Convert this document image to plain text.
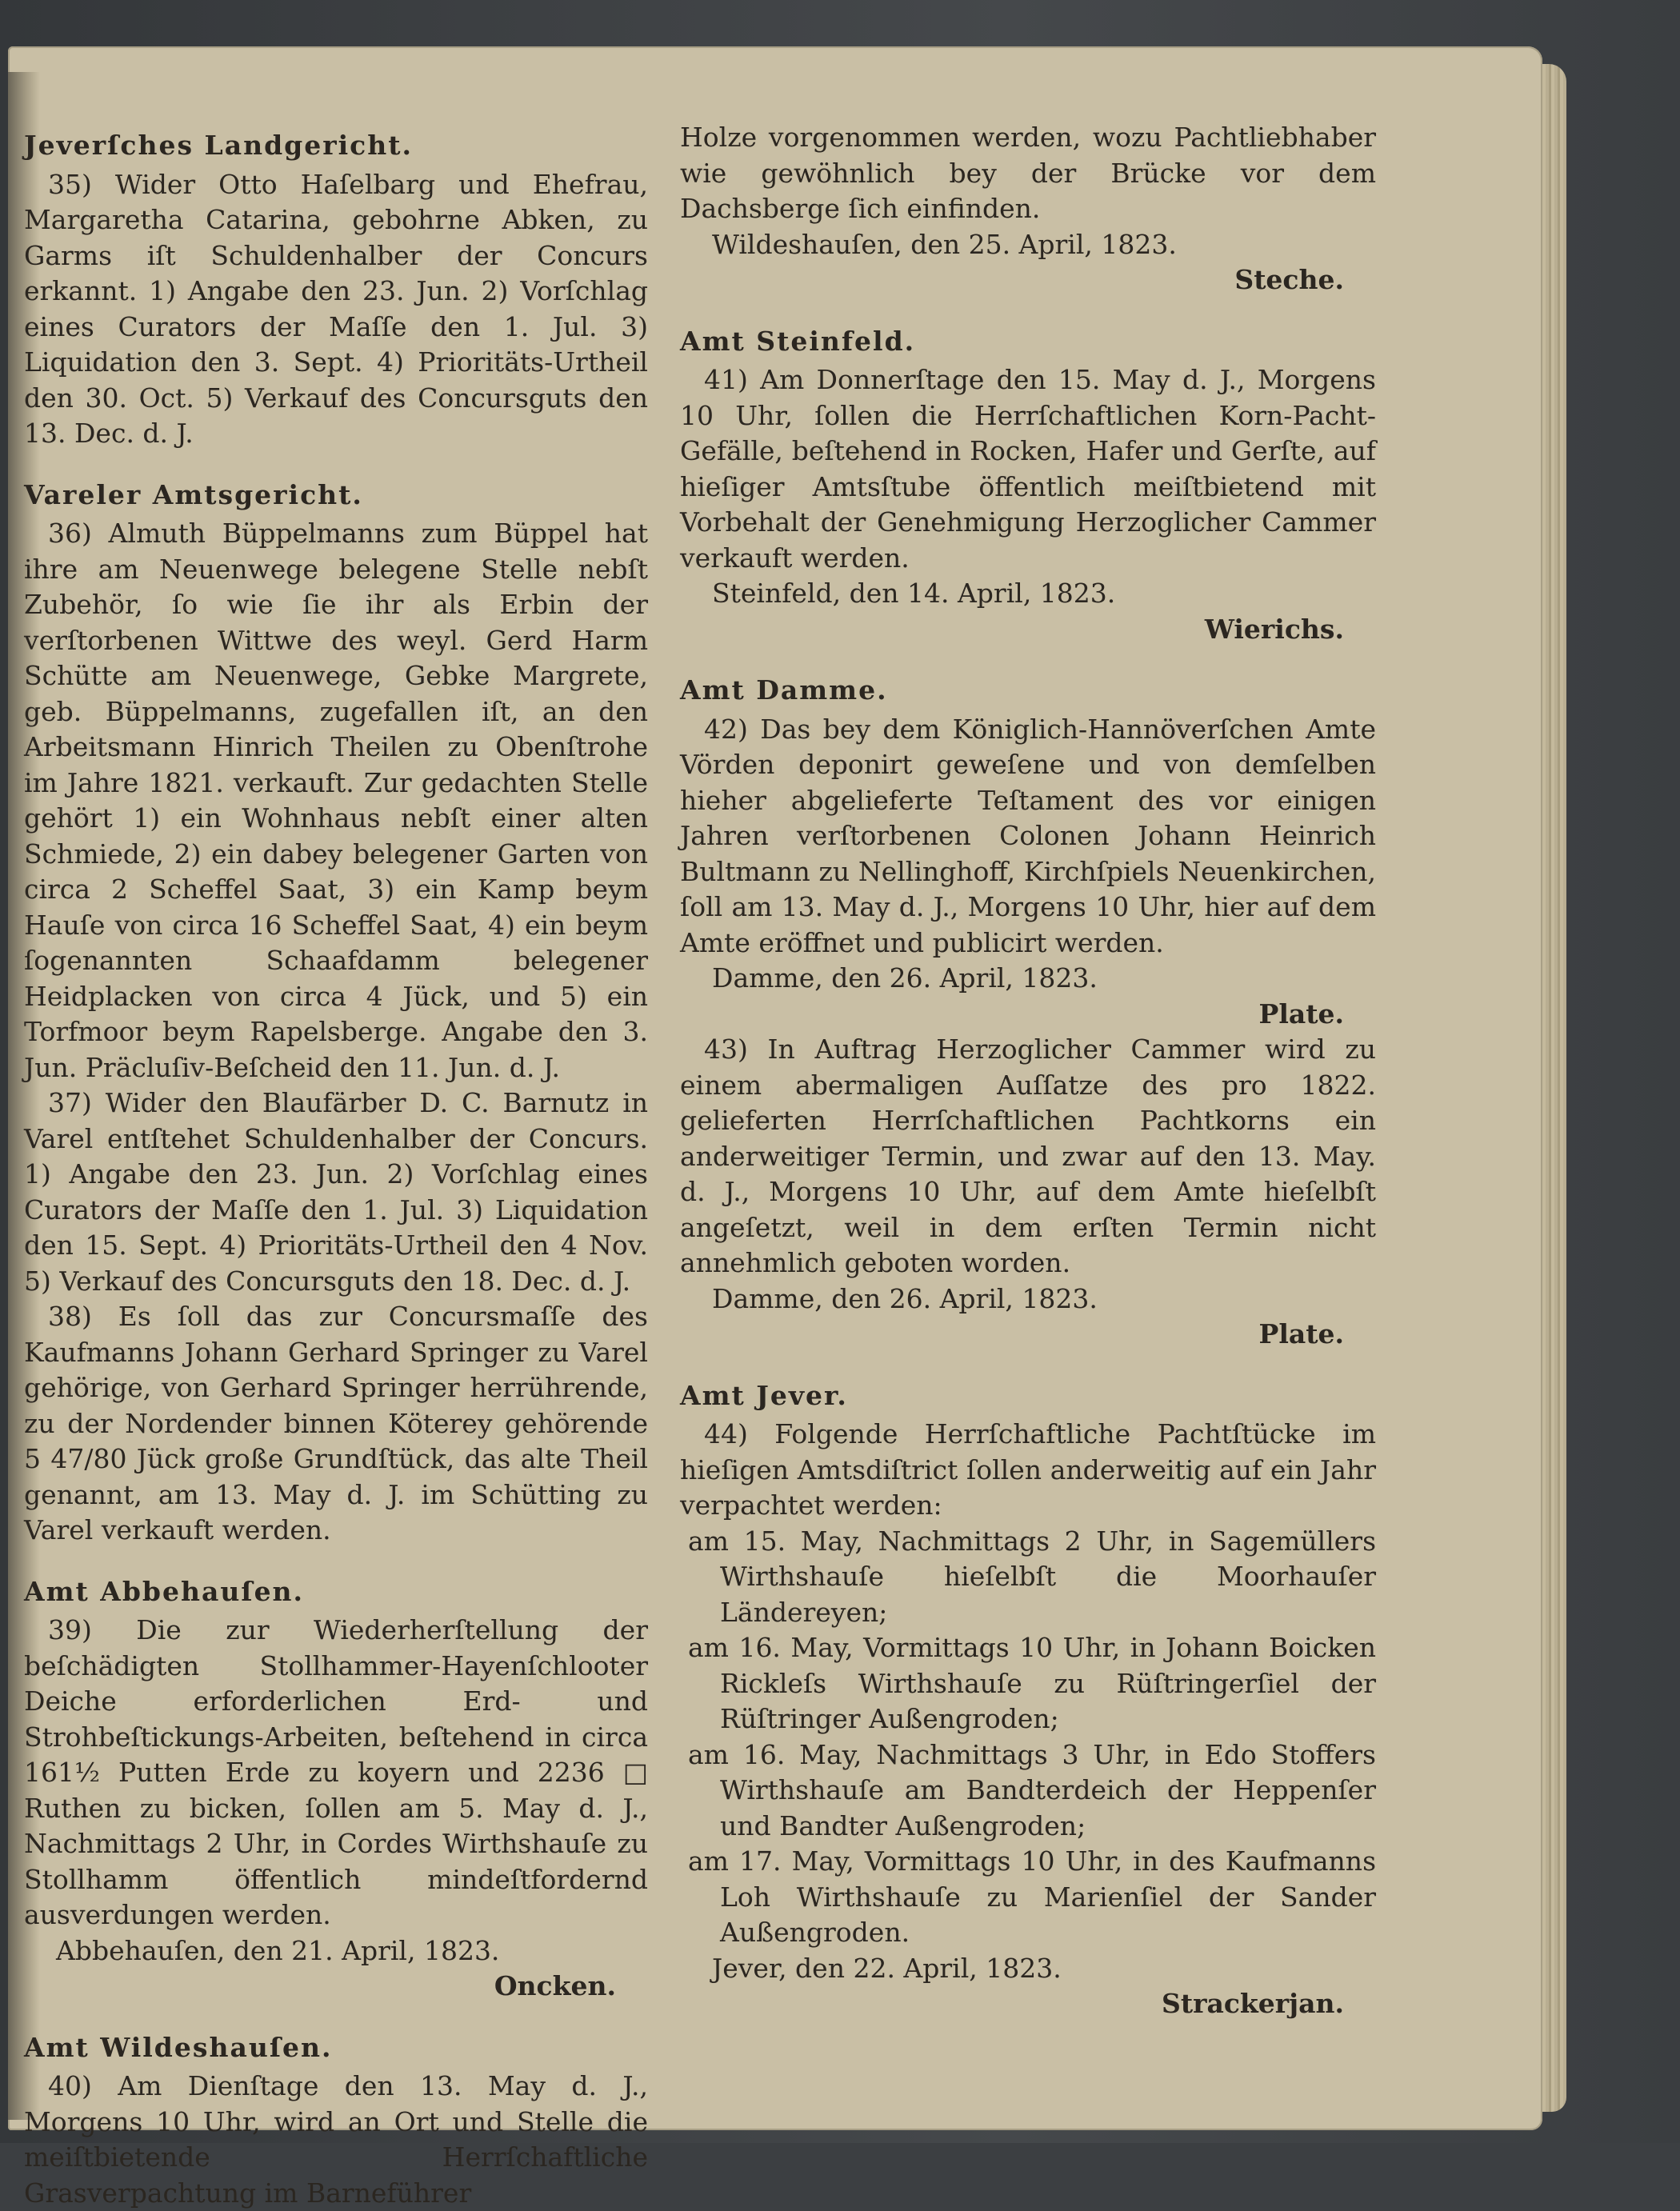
Jeverſches Landgericht.

35) Wider Otto Haſelbarg und Ehefrau, Margaretha Catarina, gebohrne Abken, zu Garms iſt Schuldenhalber der Concurs erkannt. 1) Angabe den 23. Jun. 2) Vorſchlag eines Curators der Maſſe den 1. Jul. 3) Liquidation den 3. Sept. 4) Prioritäts-Urtheil den 30. Oct. 5) Verkauf des Concursguts den 13. Dec. d. J.

Vareler Amtsgericht.

36) Almuth Büppelmanns zum Büppel hat ihre am Neuenwege belegene Stelle nebſt Zubehör, ſo wie ſie ihr als Erbin der verſtorbenen Wittwe des weyl. Gerd Harm Schütte am Neuenwege, Gebke Margrete, geb. Büppelmanns, zugefallen iſt, an den Arbeitsmann Hinrich Theilen zu Obenſtrohe im Jahre 1821. verkauft. Zur gedachten Stelle gehört 1) ein Wohnhaus nebſt einer alten Schmiede, 2) ein dabey belegener Garten von circa 2 Scheffel Saat, 3) ein Kamp beym Hauſe von circa 16 Scheffel Saat, 4) ein beym ſogenannten Schaafdamm belegener Heidplacken von circa 4 Jück, und 5) ein Torfmoor beym Rapelsberge. Angabe den 3. Jun. Präcluſiv-Beſcheid den 11. Jun. d. J.

37) Wider den Blaufärber D. C. Barnutz in Varel entſtehet Schuldenhalber der Concurs. 1) Angabe den 23. Jun. 2) Vorſchlag eines Curators der Maſſe den 1. Jul. 3) Liquidation den 15. Sept. 4) Prioritäts-Urtheil den 4 Nov. 5) Verkauf des Concursguts den 18. Dec. d. J.

38) Es ſoll das zur Concursmaſſe des Kaufmanns Johann Gerhard Springer zu Varel gehörige, von Gerhard Springer herrührende, zu der Nordender binnen Köterey gehörende 5 47/80 Jück große Grundſtück, das alte Theil genannt, am 13. May d. J. im Schütting zu Varel verkauft werden.

Amt Abbehauſen.

39) Die zur Wiederherſtellung der beſchädigten Stollhammer-Hayenſchlooter Deiche erforderlichen Erd- und Strohbeſtickungs-Arbeiten, beſtehend in circa 161½ Putten Erde zu koyern und 2236 □ Ruthen zu bicken, ſollen am 5. May d. J., Nachmittags 2 Uhr, in Cordes Wirthshauſe zu Stollhamm öffentlich mindeſtfordernd ausverdungen werden.

Abbehauſen, den 21. April, 1823.

Oncken.

Amt Wildeshauſen.

40) Am Dienſtage den 13. May d. J., Morgens 10 Uhr, wird an Ort und Stelle die meiſtbietende Herrſchaftliche Grasverpachtung im Barneführer

Holze vorgenommen werden, wozu Pachtliebhaber wie gewöhnlich bey der Brücke vor dem Dachsberge ſich einfinden.

Wildeshauſen, den 25. April, 1823.

Steche.

Amt Steinfeld.

41) Am Donnerſtage den 15. May d. J., Morgens 10 Uhr, ſollen die Herrſchaftlichen Korn-Pacht-Gefälle, beſtehend in Rocken, Hafer und Gerſte, auf hieſiger Amtsſtube öffentlich meiſtbietend mit Vorbehalt der Genehmigung Herzoglicher Cammer verkauft werden.

Steinfeld, den 14. April, 1823.

Wierichs.

Amt Damme.

42) Das bey dem Königlich-Hannöverſchen Amte Vörden deponirt geweſene und von demſelben hieher abgelieferte Teſtament des vor einigen Jahren verſtorbenen Colonen Johann Heinrich Bultmann zu Nellinghoff, Kirchſpiels Neuenkirchen, ſoll am 13. May d. J., Morgens 10 Uhr, hier auf dem Amte eröffnet und publicirt werden.

Damme, den 26. April, 1823.

Plate.

43) In Auftrag Herzoglicher Cammer wird zu einem abermaligen Auſſatze des pro 1822. gelieferten Herrſchaftlichen Pachtkorns ein anderweitiger Termin, und zwar auf den 13. May. d. J., Morgens 10 Uhr, auf dem Amte hieſelbſt angeſetzt, weil in dem erſten Termin nicht annehmlich geboten worden.

Damme, den 26. April, 1823.

Plate.

Amt Jever.

44) Folgende Herrſchaftliche Pachtſtücke im hieſigen Amtsdiſtrict ſollen anderweitig auf ein Jahr verpachtet werden:

am 15. May, Nachmittags 2 Uhr, in Sagemüllers Wirthshauſe hieſelbſt die Moorhauſer Ländereyen;

am 16. May, Vormittags 10 Uhr, in Johann Boicken Rickleſs Wirthshauſe zu Rüſtringerſiel der Rüſtringer Außengroden;

am 16. May, Nachmittags 3 Uhr, in Edo Stoffers Wirthshauſe am Bandterdeich der Heppenſer und Bandter Außengroden;

am 17. May, Vormittags 10 Uhr, in des Kaufmanns Loh Wirthshauſe zu Marienſiel der Sander Außengroden.

Jever, den 22. April, 1823.

Strackerjan.
